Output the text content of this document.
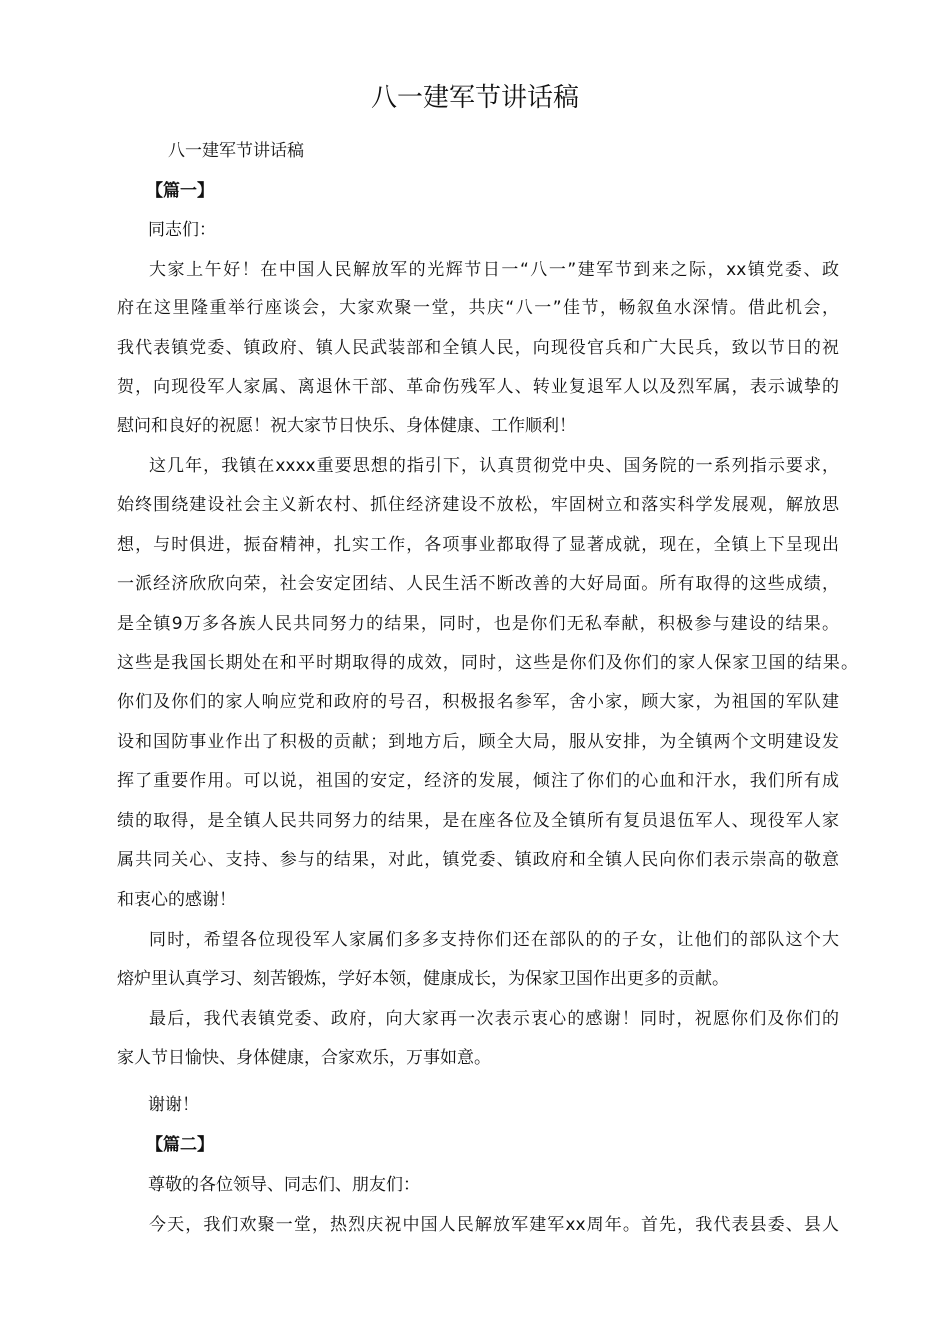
八一建军节讲话稿
八一建军节讲话稿
【篇一】
同志们：
大家上午好！在中国人民解放军的光辉节日一“八一”建军节到来之际，xx镇党委、政
府在这里隆重举行座谈会，大家欢聚一堂，共庆“八一”佳节，畅叙鱼水深情。借此机会，
我代表镇党委、镇政府、镇人民武装部和全镇人民，向现役官兵和广大民兵，致以节日的祝
贺，向现役军人家属、离退休干部、革命伤残军人、转业复退军人以及烈军属，表示诚挚的
慰问和良好的祝愿！祝大家节日快乐、身体健康、工作顺利！
这几年，我镇在xxxx重要思想的指引下，认真贯彻党中央、国务院的一系列指示要求，
始终围绕建设社会主义新农村、抓住经济建设不放松，牢固树立和落实科学发展观，解放思
想，与时俱进，振奋精神，扎实工作，各项事业都取得了显著成就，现在，全镇上下呈现出
一派经济欣欣向荣，社会安定团结、人民生活不断改善的大好局面。所有取得的这些成绩，
是全镇9万多各族人民共同努力的结果，同时，也是你们无私奉献，积极参与建设的结果。
这些是我国长期处在和平时期取得的成效，同时，这些是你们及你们的家人保家卫国的结果。
你们及你们的家人响应党和政府的号召，积极报名参军，舍小家，顾大家，为祖国的军队建
设和国防事业作出了积极的贡献；到地方后，顾全大局，服从安排，为全镇两个文明建设发
挥了重要作用。可以说，祖国的安定，经济的发展，倾注了你们的心血和汗水，我们所有成
绩的取得，是全镇人民共同努力的结果，是在座各位及全镇所有复员退伍军人、现役军人家
属共同关心、支持、参与的结果，对此，镇党委、镇政府和全镇人民向你们表示崇高的敬意
和衷心的感谢！
同时，希望各位现役军人家属们多多支持你们还在部队的的子女，让他们的部队这个大
熔炉里认真学习、刻苦锻炼，学好本领，健康成长，为保家卫国作出更多的贡献。
最后，我代表镇党委、政府，向大家再一次表示衷心的感谢！同时，祝愿你们及你们的
家人节日愉快、身体健康，合家欢乐，万事如意。
谢谢！
【篇二】
尊敬的各位领导、同志们、朋友们：
今天，我们欢聚一堂，热烈庆祝中国人民解放军建军xx周年。首先，我代表县委、县人
